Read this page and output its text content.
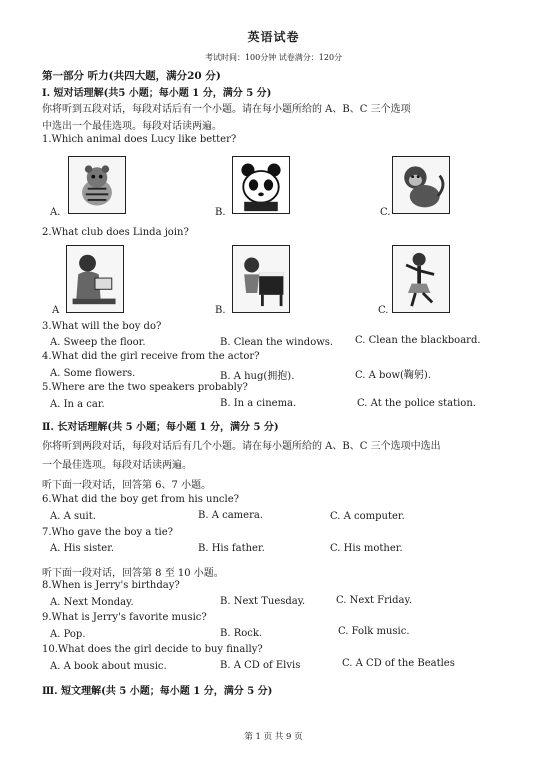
英语试卷
考试时间：100分钟 试卷满分：120分
第一部分 听力(共四大题，满分20 分)
Ⅰ. 短对话理解(共5 小题；每小题 1 分，满分 5 分)
你将听到五段对话，每段对话后有一个小题。请在每小题所给的 A、B、C 三个选项
中选出一个最佳选项。每段对话读两遍。
1.Which animal does Lucy like better?
A.	B.	C.
2.What club does Linda join?
A	B.	C.
3.What will the boy do?
A. Sweep the floor.	B. Clean the windows. C. Clean the blackboard.
4.What did the girl receive from the actor?
A. Some flowers.	B. A hug(拥抱).	C. A bow(鞠躬).
5.Where are the two speakers probably?
A. In a car.	B. In a cinema.	C. At the police station.
Ⅱ. 长对话理解(共 5 小题；每小题 1 分，满分 5 分)
你将听到两段对话，每段对话后有几个小题。请在每小题所给的 A、B、C 三个选项中选出
一个最佳选项。每段对话读两遍。
听下面一段对话，回答第 6、7 小题。
6.What did the boy get from his uncle?
A. A suit.	B. A camera.	C. A computer.
7.Who gave the boy a tie?
A. His sister.	B. His father.	C. His mother.
听下面一段对话，回答第 8 至 10 小题。
8.When is Jerry's birthday?
A. Next Monday.	B. Next Tuesday.	C. Next Friday.
9.What is Jerry's favorite music?
A. Pop.	B. Rock.	C. Folk music.
10.What does the girl decide to buy finally?
A. A book about music.	B. A CD of Elvis	C. A CD of the Beatles
Ⅲ. 短文理解(共 5 小题；每小题 1 分，满分 5 分)
第 1 页 共 9 页
